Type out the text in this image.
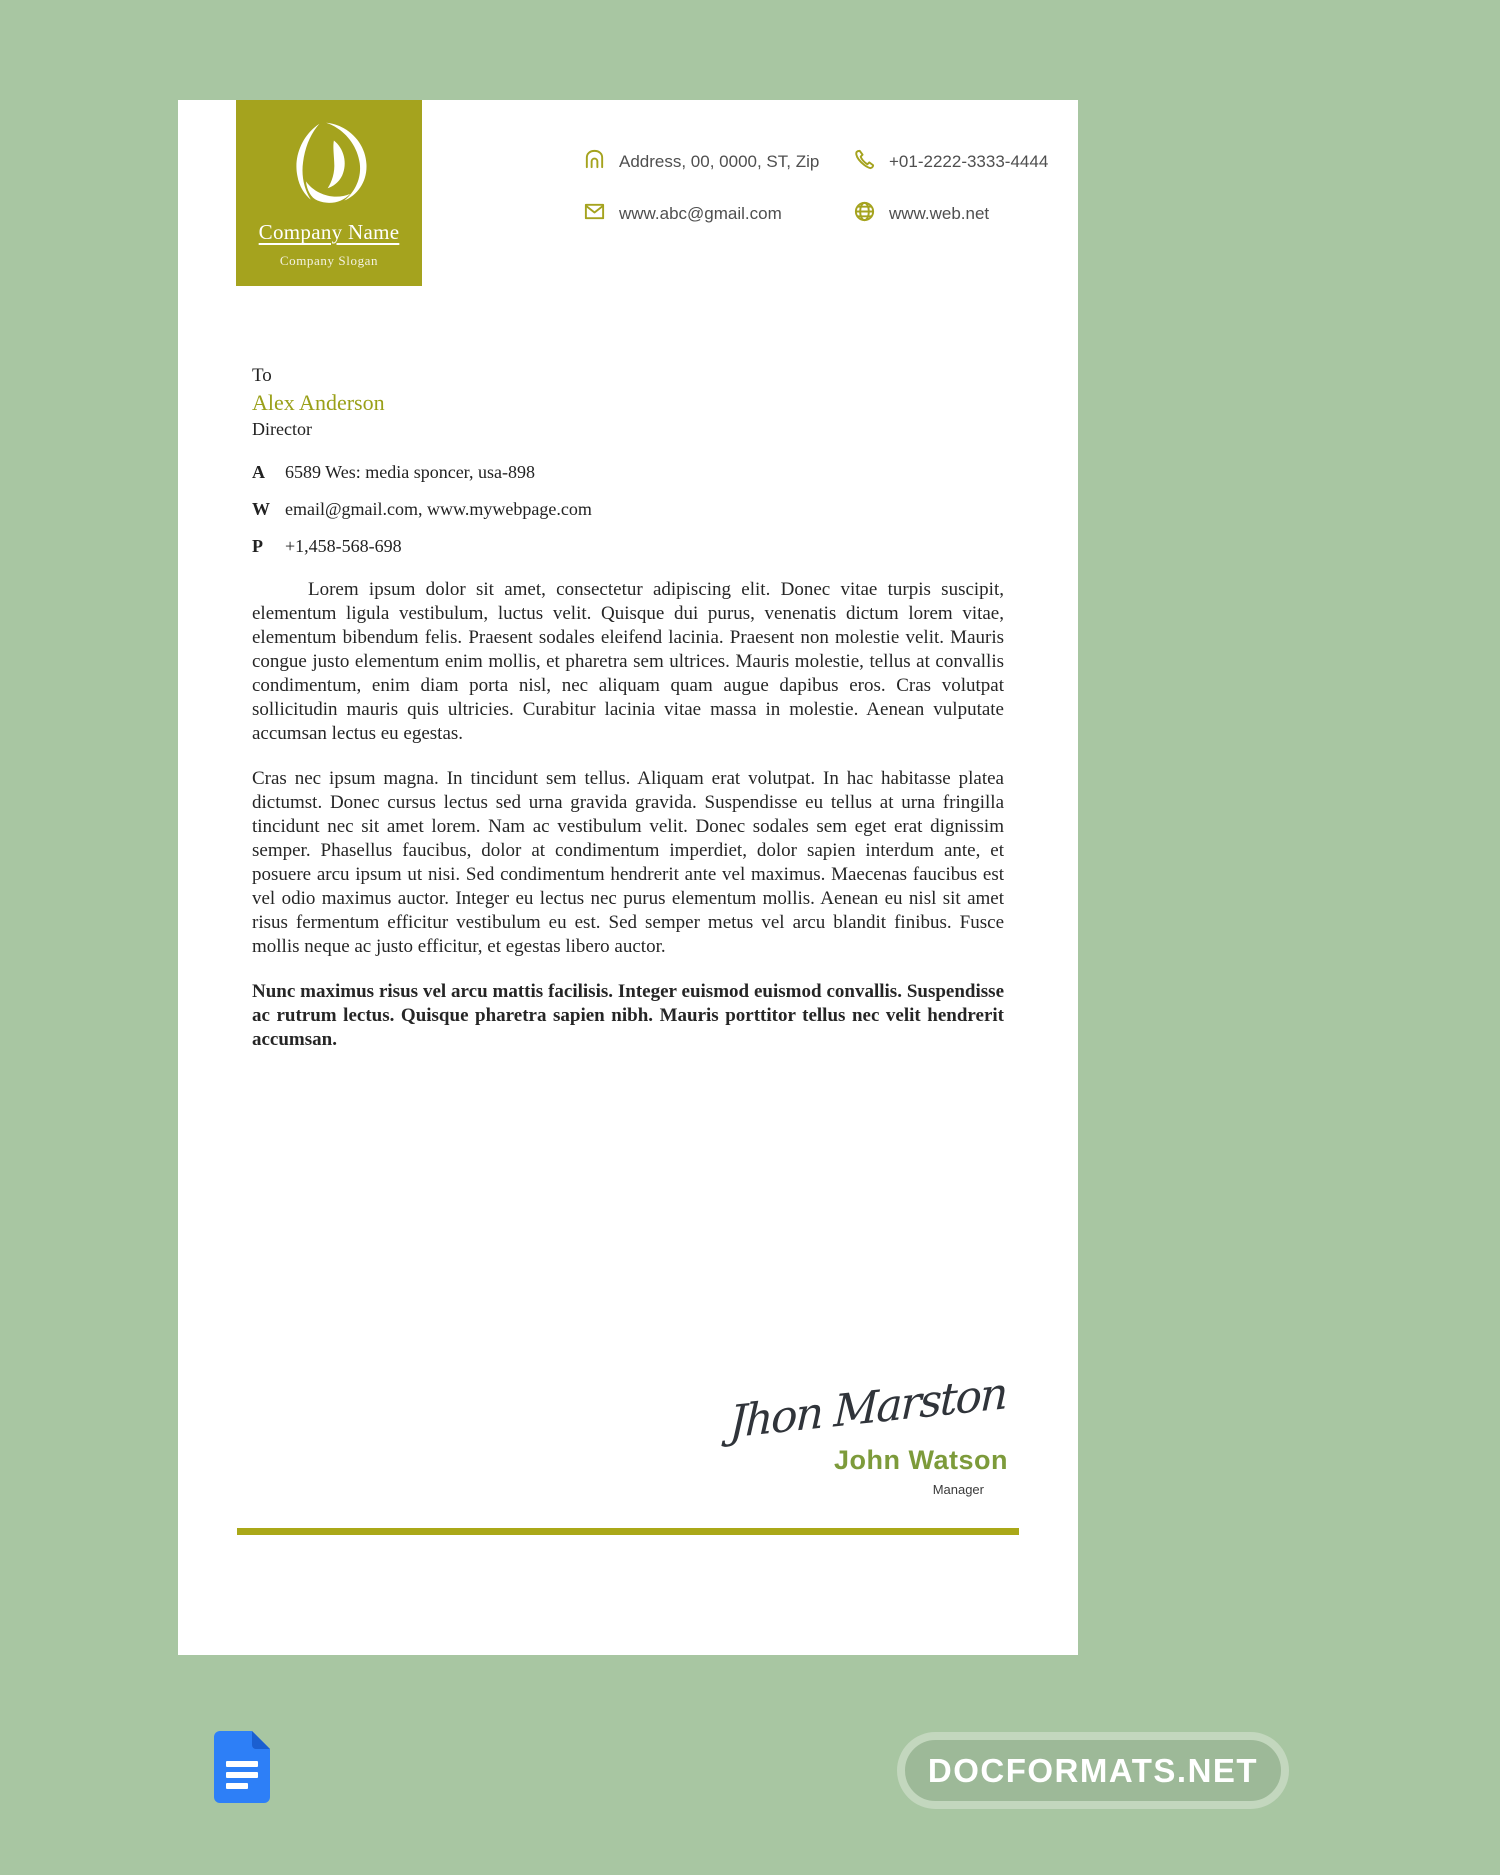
Company Name
Company Slogan
Address, 00, 0000, ST, Zip	+01-2222-3333-4444
www.abc@gmail.com	www.web.net
To
Alex Anderson
Director
A	6589 Wes: media sponcer, usa-898
W email@gmail.com, www.mywebpage.com
P	+1,458-568-698

Lorem ipsum dolor sit amet, consectetur adipiscing elit. Donec vitae turpis suscipit, elementum ligula vestibulum, luctus velit. Quisque dui purus, venenatis dictum lorem vitae, elementum bibendum felis. Praesent sodales eleifend lacinia. Praesent non molestie velit. Mauris congue justo elementum enim mollis, et pharetra sem ultrices. Mauris molestie, tellus at convallis condimentum, enim diam porta nisl, nec aliquam quam augue dapibus eros. Cras volutpat sollicitudin mauris quis ultricies. Curabitur lacinia vitae massa in molestie. Aenean vulputate accumsan lectus eu egestas.

Cras nec ipsum magna. In tincidunt sem tellus. Aliquam erat volutpat. In hac habitasse platea dictumst. Donec cursus lectus sed urna gravida gravida. Suspendisse eu tellus at urna fringilla tincidunt nec sit amet lorem. Nam ac vestibulum velit. Donec sodales sem eget erat dignissim semper. Phasellus faucibus, dolor at condimentum imperdiet, dolor sapien interdum ante, et posuere arcu ipsum ut nisi. Sed condimentum hendrerit ante vel maximus. Maecenas faucibus est vel odio maximus auctor. Integer eu lectus nec purus elementum mollis. Aenean eu nisl sit amet risus fermentum efficitur vestibulum eu est. Sed semper metus vel arcu blandit finibus. Fusce mollis neque ac justo efficitur, et egestas libero auctor.

Nunc maximus risus vel arcu mattis facilisis. Integer euismod euismod convallis. Suspendisse ac rutrum lectus. Quisque pharetra sapien nibh. Mauris porttitor tellus nec velit hendrerit accumsan.

Jhon Marston
John Watson
Manager
DOCFORMATS.NET
